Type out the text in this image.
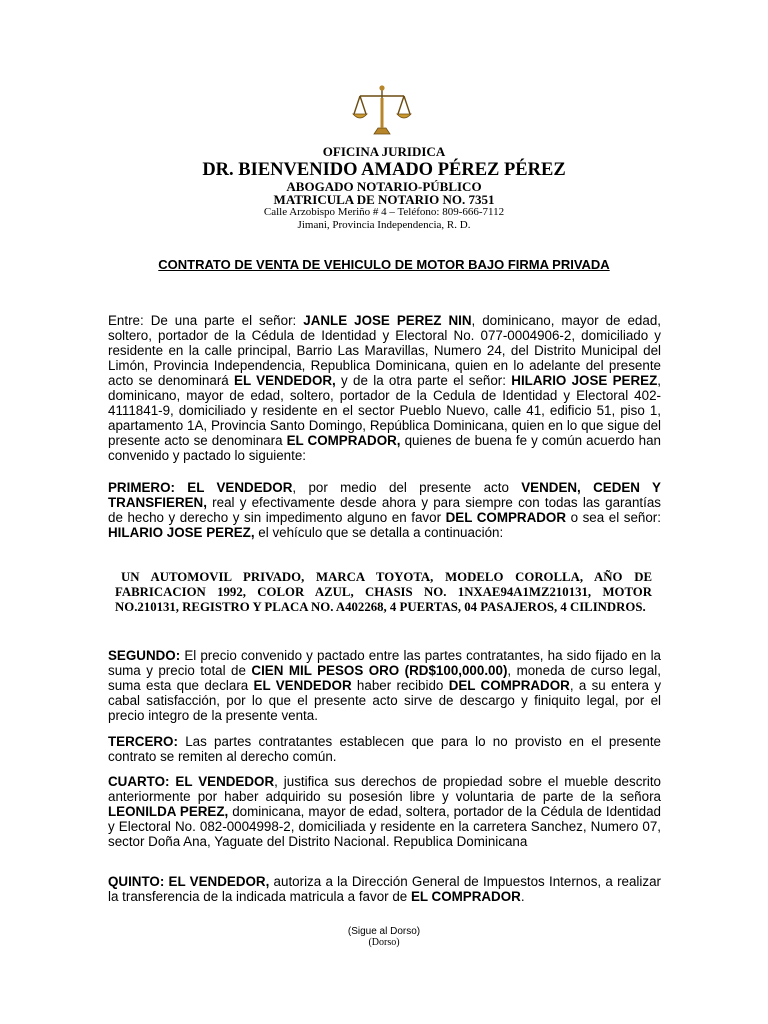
OFICINA JURIDICA
DR. BIENVENIDO AMADO PÉREZ PÉREZ
ABOGADO NOTARIO-PÚBLICO
MATRICULA DE NOTARIO NO. 7351
Calle Arzobispo Meriño # 4 – Teléfono: 809-666-7112
Jimani, Provincia Independencia, R. D.
CONTRATO DE VENTA DE VEHICULO DE MOTOR BAJO FIRMA PRIVADA

Entre: De una parte el señor: JANLE JOSE PEREZ NIN, dominicano, mayor de edad, soltero, portador de la Cédula de Identidad y Electoral No. 077-0004906-2, domiciliado y residente en la calle principal, Barrio Las Maravillas, Numero 24, del Distrito Municipal del Limón, Provincia Independencia, Republica Dominicana, quien en lo adelante del presente acto se denominará EL VENDEDOR, y de la otra parte el señor: HILARIO JOSE PEREZ, dominicano, mayor de edad, soltero, portador de la Cedula de Identidad y Electoral 402-4111841-9, domiciliado y residente en el sector Pueblo Nuevo, calle 41, edificio 51, piso 1, apartamento 1A, Provincia Santo Domingo, República Dominicana, quien en lo que sigue del presente acto se denominara EL COMPRADOR, quienes de buena fe y común acuerdo han convenido y pactado lo siguiente:

PRIMERO: EL VENDEDOR, por medio del presente acto VENDEN, CEDEN Y TRANSFIEREN, real y efectivamente desde ahora y para siempre con todas las garantías de hecho y derecho y sin impedimento alguno en favor DEL COMPRADOR o sea el señor: HILARIO JOSE PEREZ, el vehículo que se detalla a continuación:

UN AUTOMOVIL PRIVADO, MARCA TOYOTA, MODELO COROLLA, AÑO DE FABRICACION 1992, COLOR AZUL, CHASIS NO. 1NXAE94A1MZ210131, MOTOR NO.210131, REGISTRO Y PLACA NO. A402268, 4 PUERTAS, 04 PASAJEROS, 4 CILINDROS.

SEGUNDO: El precio convenido y pactado entre las partes contratantes, ha sido fijado en la suma y precio total de CIEN MIL PESOS ORO (RD$100,000.00), moneda de curso legal, suma esta que declara EL VENDEDOR haber recibido DEL COMPRADOR, a su entera y cabal satisfacción, por lo que el presente acto sirve de descargo y finiquito legal, por el precio integro de la presente venta.

TERCERO: Las partes contratantes establecen que para lo no provisto en el presente contrato se remiten al derecho común.

CUARTO: EL VENDEDOR, justifica sus derechos de propiedad sobre el mueble descrito anteriormente por haber adquirido su posesión libre y voluntaria de parte de la señora LEONILDA PEREZ, dominicana, mayor de edad, soltera, portador de la Cédula de Identidad y Electoral No. 082-0004998-2, domiciliada y residente en la carretera Sanchez, Numero 07, sector Doña Ana, Yaguate del Distrito Nacional. Republica Dominicana

QUINTO: EL VENDEDOR, autoriza a la Dirección General de Impuestos Internos, a realizar la transferencia de la indicada matricula a favor de EL COMPRADOR.

(Sigue al Dorso)
(Dorso)
